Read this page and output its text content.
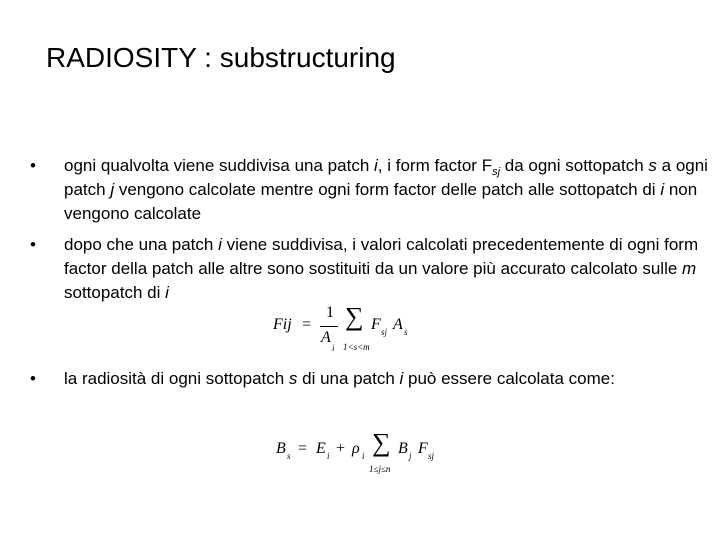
RADIOSITY : substructuring
•	ogni qualvolta viene suddivisa una patch i, i form factor $F_{sj}$ da ogni sottopatch s a ogni patch j vengono calcolate mentre ogni form factor delle patch alle sottopatch di i non vengono calcolate
•	dopo che una patch i viene suddivisa, i valori calcolati precedentemente di ogni form factor della patch alle altre sono sostituiti da un valore più accurato calcolato sulle m sottopatch di i
Fij =
1
A
i
∑
1<s<m
F sj A s
•	la radiosità di ogni sottopatch s di una patch i può essere calcolata come:
B s = E i + ρ i ∑
1≤j≤n
B j F sj
